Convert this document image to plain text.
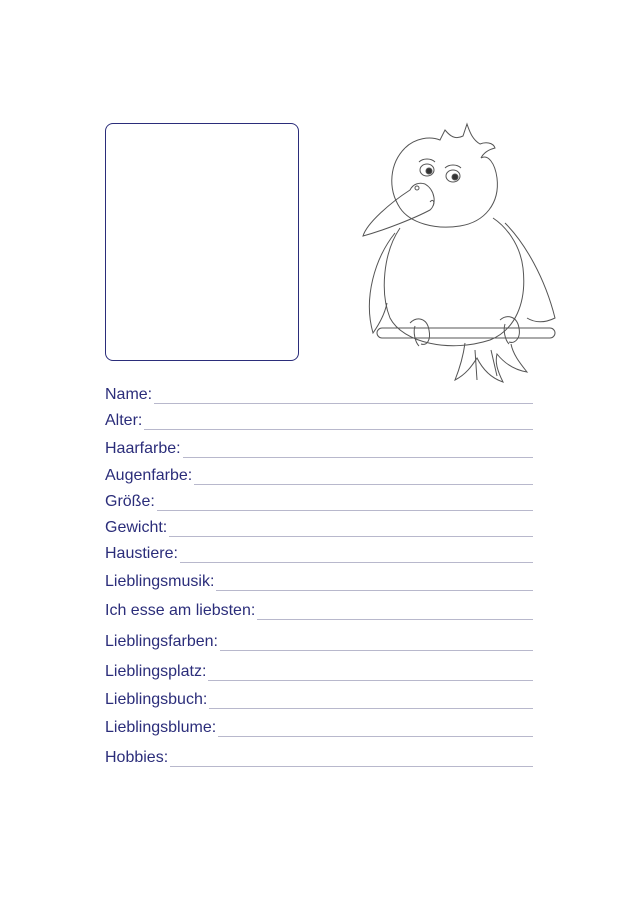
Name:
Alter:
Haarfarbe:
Augenfarbe:
Größe:
Gewicht:
Haustiere:
Lieblingsmusik:
Ich esse am liebsten:
Lieblingsfarben:
Lieblingsplatz:
Lieblingsbuch:
Lieblingsblume:
Hobbies:
